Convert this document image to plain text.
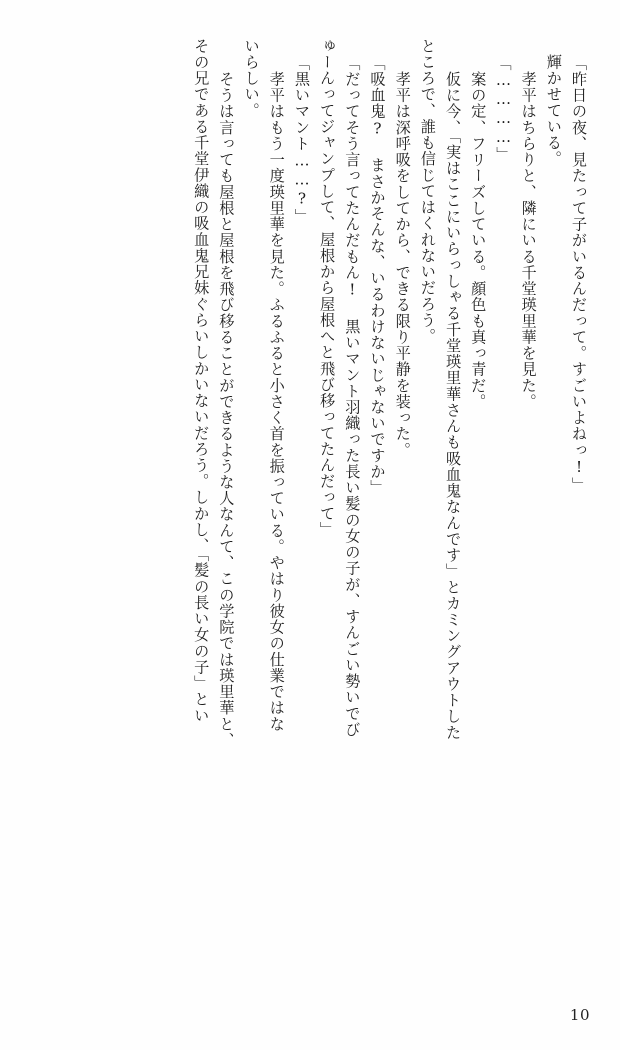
「昨日の夜、見たって子がいるんだって。すごいよねっ!」
　輝かせている。
　孝平はちらりと、隣にいる千堂瑛里華を見た。
「…………」
　案の定、フリーズしている。顔色も真っ青だ。
　仮に今、「実はここにいらっしゃる千堂瑛里華さんも吸血鬼なんです」とカミングアウトした
ところで、誰も信じてはくれないだろう。
　孝平は深呼吸をしてから、できる限り平静を装った。
「吸血鬼? まさかそんな、いるわけないじゃないですか」
「だってそう言ってたんだもん! 黒いマント羽織った長い髪の女の子が、すんごい勢いでび
ゅーんってジャンプして、屋根から屋根へと飛び移ってたんだって」
「黒いマント……?」
　孝平はもう一度瑛里華を見た。ふるふると小さく首を振っている。やはり彼女の仕業ではな
いらしい。
　そうは言っても屋根と屋根を飛び移ることができるような人なんて、この学院では瑛里華と、
その兄である千堂伊織の吸血鬼兄妹ぐらいしかいないだろう。しかし、「髪の長い女の子」とい
10
